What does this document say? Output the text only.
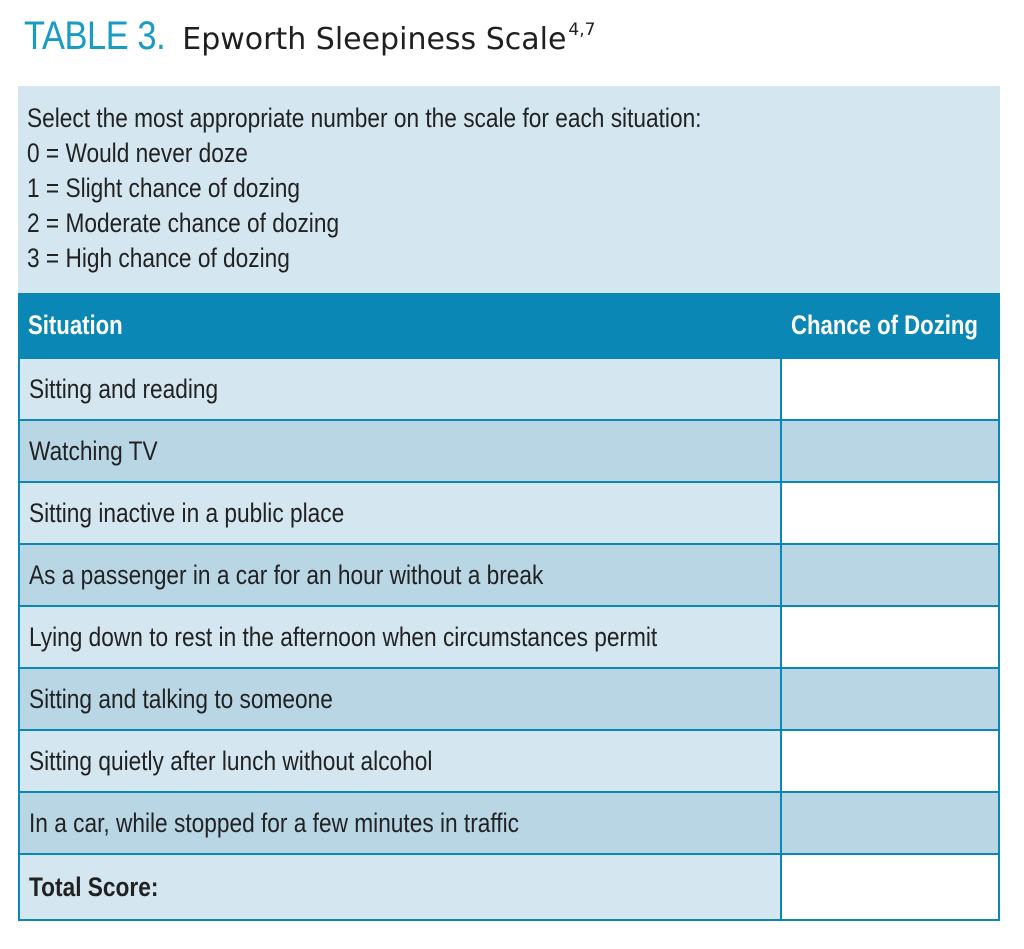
TABLE 3. Epworth Sleepiness Scale 4,7
Select the most appropriate number on the scale for each situation:
0 = Would never doze
1 = Slight chance of dozing
2 = Moderate chance of dozing
3 = High chance of dozing
Situation	Chance of Dozing
Sitting and reading
Watching TV
Sitting inactive in a public place
As a passenger in a car for an hour without a break
Lying down to rest in the afternoon when circumstances permit
Sitting and talking to someone
Sitting quietly after lunch without alcohol
In a car, while stopped for a few minutes in traffic
Total Score:
